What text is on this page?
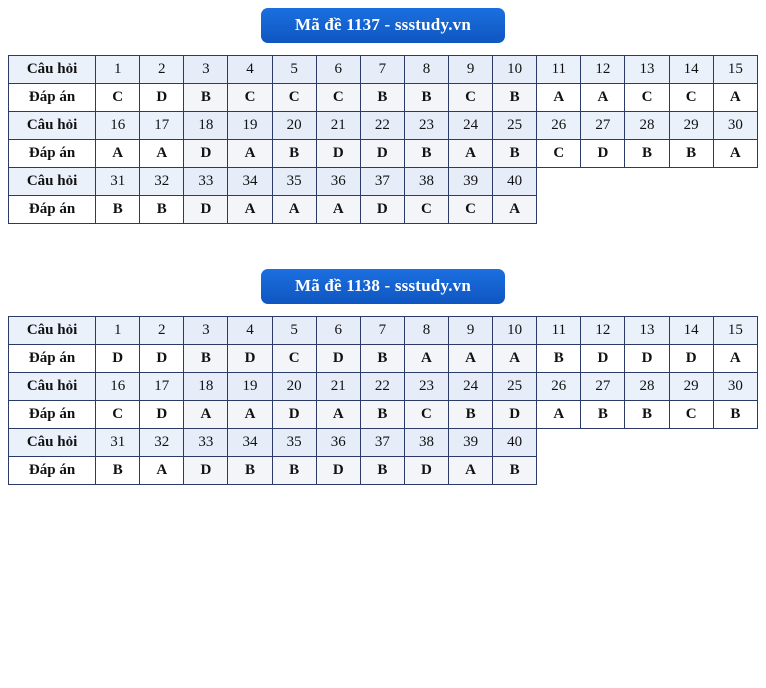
Mã đề 1137 - ssstudy.vn
Câu hỏi	1	2	3	4	5	6	7	8	9	10	11	12	13	14	15
Đáp án	C	D	B	C	C	C	B	B	C	B	A	A	C	C	A
Câu hỏi	16	17	18	19	20	21	22	23	24	25	26	27	28	29	30
Đáp án	A	A	D	A	B	D	D	B	A	B	C	D	B	B	A
Câu hỏi	31	32	33	34	35	36	37	38	39	40					
Đáp án	B	B	D	A	A	A	D	C	C	A					
Mã đề 1138 - ssstudy.vn
Câu hỏi	1	2	3	4	5	6	7	8	9	10	11	12	13	14	15
Đáp án	D	D	B	D	C	D	B	A	A	A	B	D	D	D	A
Câu hỏi	16	17	18	19	20	21	22	23	24	25	26	27	28	29	30
Đáp án	C	D	A	A	D	A	B	C	B	D	A	B	B	C	B
Câu hỏi	31	32	33	34	35	36	37	38	39	40					
Đáp án	B	A	D	B	B	D	B	D	A	B					
